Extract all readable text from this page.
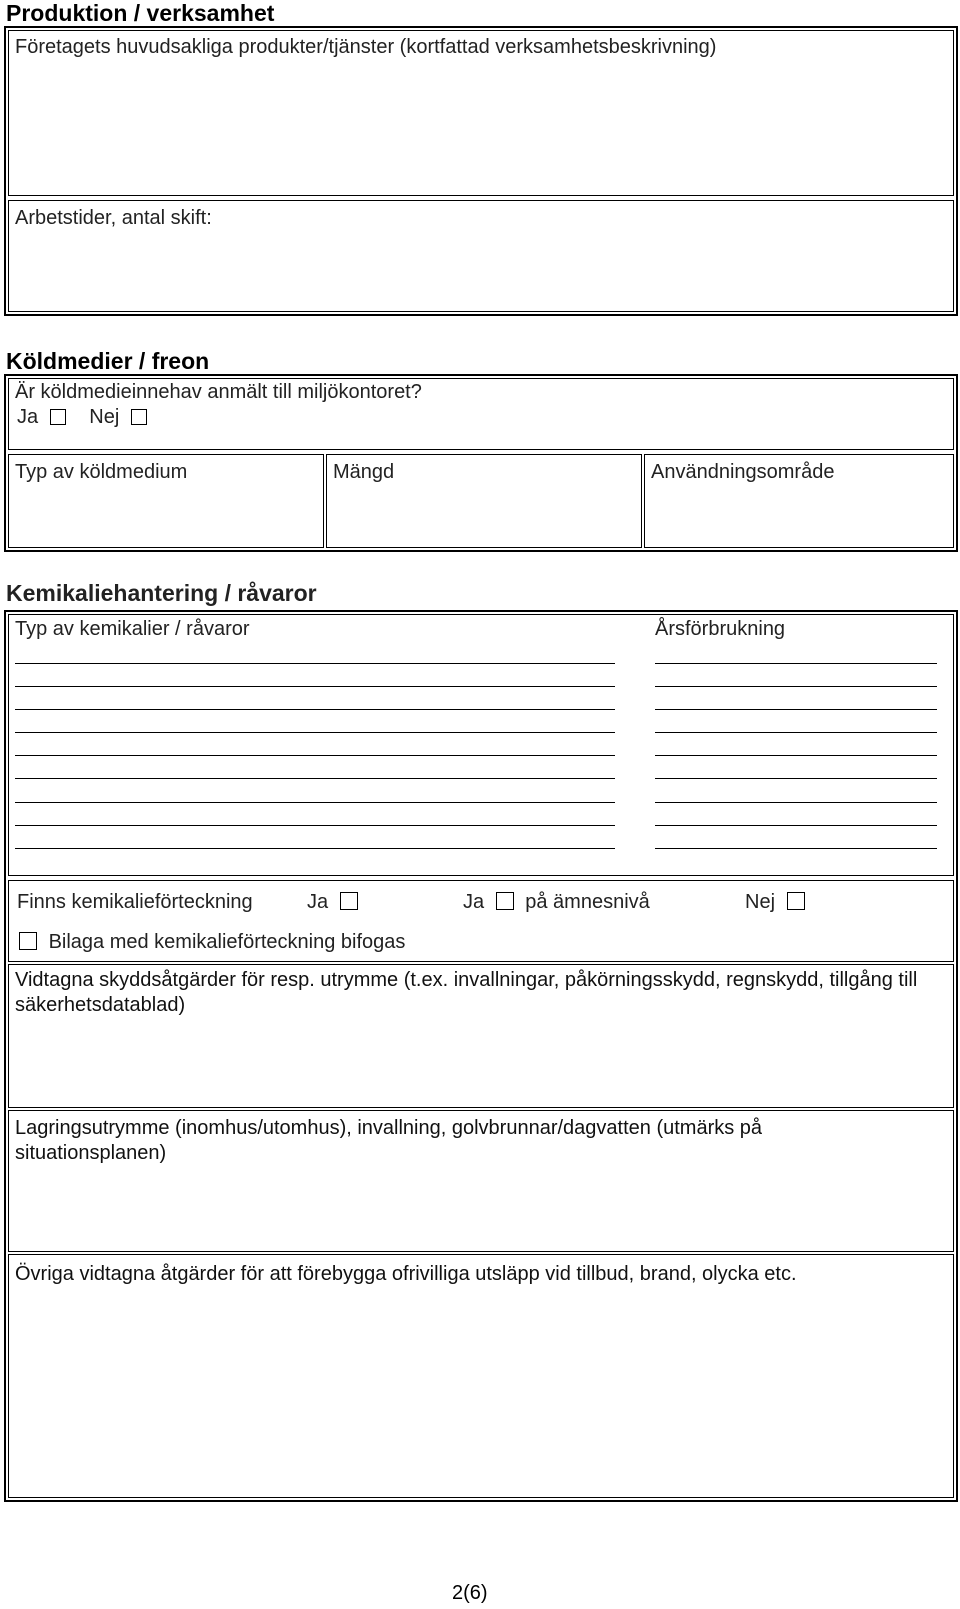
Produktion / verksamhet
Företagets huvudsakliga produkter/tjänster (kortfattad verksamhetsbeskrivning)
Arbetstider, antal skift:
Köldmedier / freon
Är köldmedieinnehav anmält till miljökontoret?
Ja	Nej
Typ av köldmedium	Mängd	Användningsområde
Kemikaliehantering / råvaror
Typ av kemikalier / råvaror	Årsförbrukning
Finns kemikalieförteckning	Ja	Ja på ämnesnivå	Nej
Bilaga med kemikalieförteckning bifogas
Vidtagna skyddsåtgärder för resp. utrymme (t.ex. invallningar, påkörningsskydd, regnskydd, tillgång till säkerhetsdatablad)
Lagringsutrymme (inomhus/utomhus), invallning, golvbrunnar/dagvatten (utmärks på situationsplanen)
Övriga vidtagna åtgärder för att förebygga ofrivilliga utsläpp vid tillbud, brand, olycka etc.
2(6)
